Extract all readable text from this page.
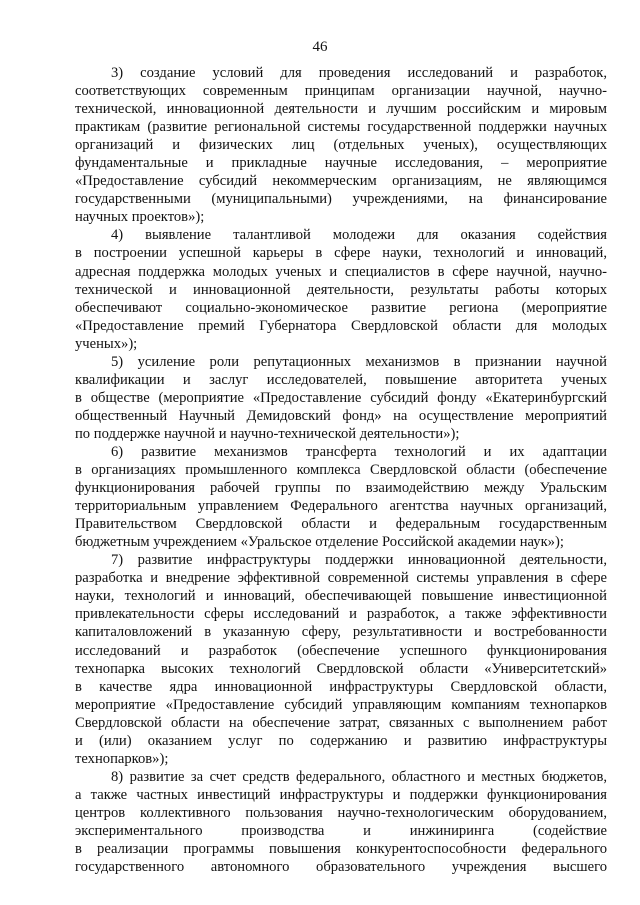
46
3) создание условий для проведения исследований и разработок,
соответствующих современным принципам организации научной, научно-
технической, инновационной деятельности и лучшим российским и мировым
практикам (развитие региональной системы государственной поддержки научных
организаций и физических лиц (отдельных ученых), осуществляющих
фундаментальные и прикладные научные исследования, – мероприятие
«Предоставление субсидий некоммерческим организациям, не являющимся
государственными (муниципальными) учреждениями, на финансирование
научных проектов»);
4) выявление талантливой молодежи для оказания содействия
в построении успешной карьеры в сфере науки, технологий и инноваций,
адресная поддержка молодых ученых и специалистов в сфере научной, научно-
технической и инновационной деятельности, результаты работы которых
обеспечивают социально-экономическое развитие региона (мероприятие
«Предоставление премий Губернатора Свердловской области для молодых
ученых»);
5) усиление роли репутационных механизмов в признании научной
квалификации и заслуг исследователей, повышение авторитета ученых
в обществе (мероприятие «Предоставление субсидий фонду «Екатеринбургский
общественный Научный Демидовский фонд» на осуществление мероприятий
по поддержке научной и научно-технической деятельности»);
6) развитие механизмов трансферта технологий и их адаптации
в организациях промышленного комплекса Свердловской области (обеспечение
функционирования рабочей группы по взаимодействию между Уральским
территориальным управлением Федерального агентства научных организаций,
Правительством Свердловской области и федеральным государственным
бюджетным учреждением «Уральское отделение Российской академии наук»);
7) развитие инфраструктуры поддержки инновационной деятельности,
разработка и внедрение эффективной современной системы управления в сфере
науки, технологий и инноваций, обеспечивающей повышение инвестиционной
привлекательности сферы исследований и разработок, а также эффективности
капиталовложений в указанную сферу, результативности и востребованности
исследований и разработок (обеспечение успешного функционирования
технопарка высоких технологий Свердловской области «Университетский»
в качестве ядра инновационной инфраструктуры Свердловской области,
мероприятие «Предоставление субсидий управляющим компаниям технопарков
Свердловской области на обеспечение затрат, связанных с выполнением работ
и (или) оказанием услуг по содержанию и развитию инфраструктуры
технопарков»);
8) развитие за счет средств федерального, областного и местных бюджетов,
а также частных инвестиций инфраструктуры и поддержки функционирования
центров коллективного пользования научно-технологическим оборудованием,
экспериментального производства и инжиниринга (содействие
в реализации программы повышения конкурентоспособности федерального
государственного автономного образовательного учреждения высшего
